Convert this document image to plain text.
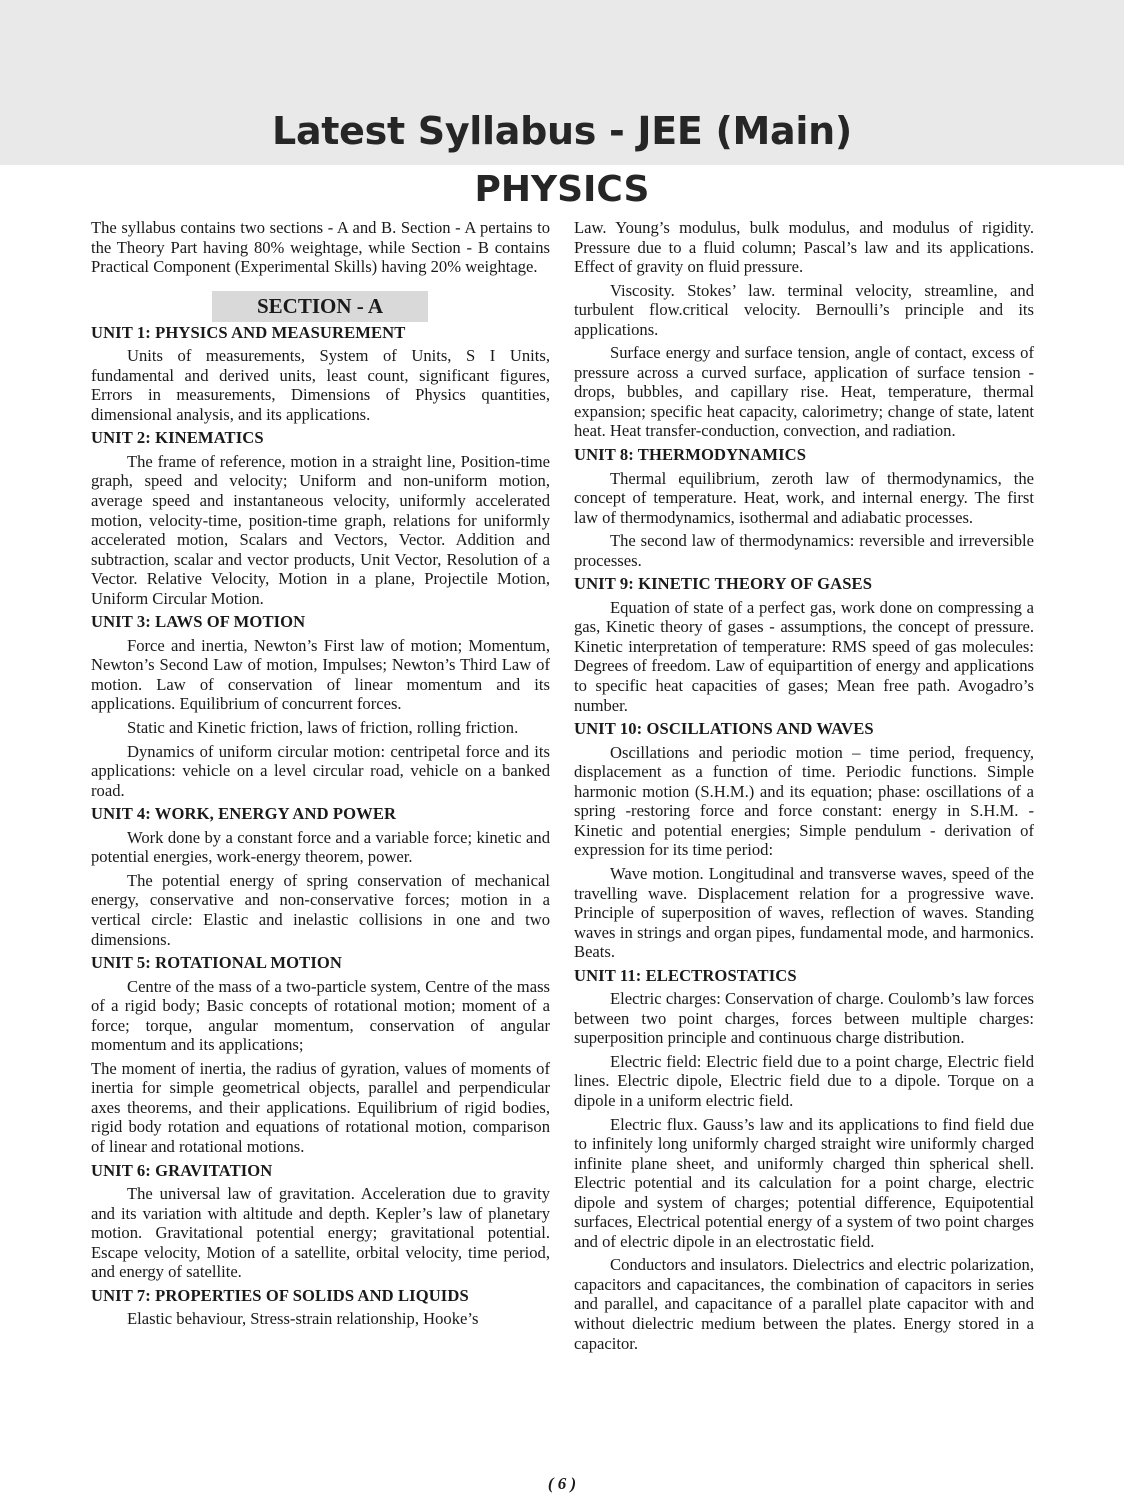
Latest Syllabus - JEE (Main)
PHYSICS

The syllabus contains two sections - A and B. Section - A pertains to the Theory Part having 80% weightage, while Section - B contains Practical Component (Experimental Skills) having 20% weightage.

SECTION - A
UNIT 1: PHYSICS AND MEASUREMENT

Units of measurements, System of Units, S I Units, fundamental and derived units, least count, significant figures, Errors in measurements, Dimensions of Physics quantities, dimensional analysis, and its applications.

UNIT 2: KINEMATICS

The frame of reference, motion in a straight line, Position-time graph, speed and velocity; Uniform and non-uniform motion, average speed and instantaneous velocity, uniformly accelerated motion, velocity-time, position-time graph, relations for uniformly accelerated motion, Scalars and Vectors, Vector. Addition and subtraction, scalar and vector products, Unit Vector, Resolution of a Vector. Relative Velocity, Motion in a plane, Projectile Motion, Uniform Circular Motion.

UNIT 3: LAWS OF MOTION

Force and inertia, Newton’s First law of motion; Momentum, Newton’s Second Law of motion, Impulses; Newton’s Third Law of motion. Law of conservation of linear momentum and its applications. Equilibrium of concurrent forces.

Static and Kinetic friction, laws of friction, rolling friction.

Dynamics of uniform circular motion: centripetal force and its applications: vehicle on a level circular road, vehicle on a banked road.

UNIT 4: WORK, ENERGY AND POWER

Work done by a constant force and a variable force; kinetic and potential energies, work-energy theorem, power.

The potential energy of spring conservation of mechanical energy, conservative and non-conservative forces; motion in a vertical circle: Elastic and inelastic collisions in one and two dimensions.

UNIT 5: ROTATIONAL MOTION

Centre of the mass of a two-particle system, Centre of the mass of a rigid body; Basic concepts of rotational motion; moment of a force; torque, angular momentum, conservation of angular momentum and its applications;

The moment of inertia, the radius of gyration, values of moments of inertia for simple geometrical objects, parallel and perpendicular axes theorems, and their applications. Equilibrium of rigid bodies, rigid body rotation and equations of rotational motion, comparison of linear and rotational motions.

UNIT 6: GRAVITATION

The universal law of gravitation. Acceleration due to gravity and its variation with altitude and depth. Kepler’s law of planetary motion. Gravitational potential energy; gravitational potential. Escape velocity, Motion of a satellite, orbital velocity, time period, and energy of satellite.

UNIT 7: PROPERTIES OF SOLIDS AND LIQUIDS

Elastic behaviour, Stress-strain relationship, Hooke’s

Law. Young’s modulus, bulk modulus, and modulus of rigidity. Pressure due to a fluid column; Pascal’s law and its applications. Effect of gravity on fluid pressure.

Viscosity. Stokes’ law. terminal velocity, streamline, and turbulent flow.critical velocity. Bernoulli’s principle and its applications.

Surface energy and surface tension, angle of contact, excess of pressure across a curved surface, application of surface tension - drops, bubbles, and capillary rise. Heat, temperature, thermal expansion; specific heat capacity, calorimetry; change of state, latent heat. Heat transfer-conduction, convection, and radiation.

UNIT 8: THERMODYNAMICS

Thermal equilibrium, zeroth law of thermodynamics, the concept of temperature. Heat, work, and internal energy. The first law of thermodynamics, isothermal and adiabatic processes.

The second law of thermodynamics: reversible and irreversible processes.

UNIT 9: KINETIC THEORY OF GASES

Equation of state of a perfect gas, work done on compressing a gas, Kinetic theory of gases - assumptions, the concept of pressure. Kinetic interpretation of temperature: RMS speed of gas molecules: Degrees of freedom. Law of equipartition of energy and applications to specific heat capacities of gases; Mean free path. Avogadro’s number.

UNIT 10: OSCILLATIONS AND WAVES

Oscillations and periodic motion – time period, frequency, displacement as a function of time. Periodic functions. Simple harmonic motion (S.H.M.) and its equation; phase: oscillations of a spring -restoring force and force constant: energy in S.H.M. - Kinetic and potential energies; Simple pendulum - derivation of expression for its time period:

Wave motion. Longitudinal and transverse waves, speed of the travelling wave. Displacement relation for a progressive wave. Principle of superposition of waves, reflection of waves. Standing waves in strings and organ pipes, fundamental mode, and harmonics. Beats.

UNIT 11: ELECTROSTATICS

Electric charges: Conservation of charge. Coulomb’s law forces between two point charges, forces between multiple charges: superposition principle and continuous charge distribution.

Electric field: Electric field due to a point charge, Electric field lines. Electric dipole, Electric field due to a dipole. Torque on a dipole in a uniform electric field.

Electric flux. Gauss’s law and its applications to find field due to infinitely long uniformly charged straight wire uniformly charged infinite plane sheet, and uniformly charged thin spherical shell. Electric potential and its calculation for a point charge, electric dipole and system of charges; potential difference, Equipotential surfaces, Electrical potential energy of a system of two point charges and of electric dipole in an electrostatic field.

Conductors and insulators. Dielectrics and electric polarization, capacitors and capacitances, the combination of capacitors in series and parallel, and capacitance of a parallel plate capacitor with and without dielectric medium between the plates. Energy stored in a capacitor.

( 6 )
